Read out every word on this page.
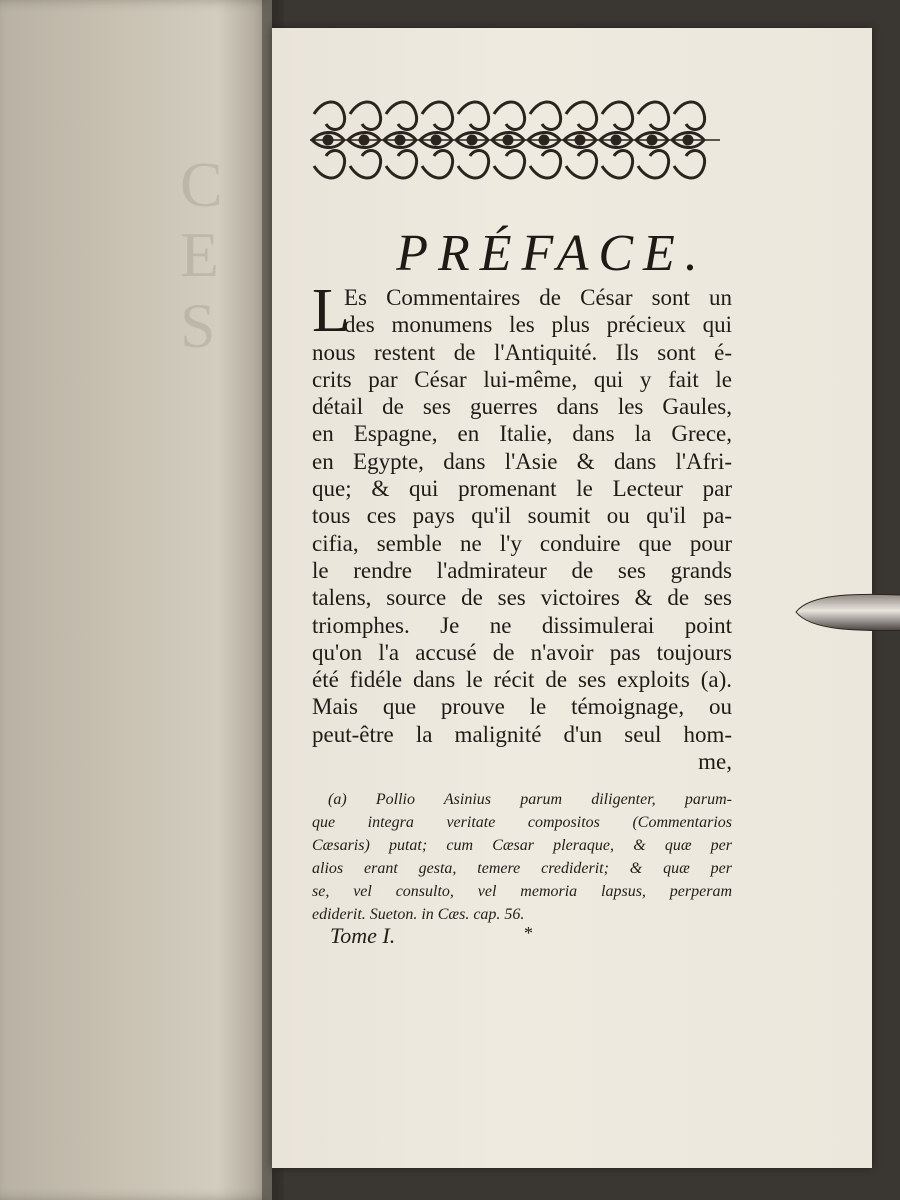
C
E
S
PRÉFACE.
L
Es Commentaires de César sont un
des monumens les plus précieux qui
nous restent de l'Antiquité. Ils sont é-
crits par César lui-même, qui y fait le
détail de ses guerres dans les Gaules,
en Espagne, en Italie, dans la Grece,
en Egypte, dans l'Asie & dans l'Afri-
que; & qui promenant le Lecteur par
tous ces pays qu'il soumit ou qu'il pa-
cifia, semble ne l'y conduire que pour
le rendre l'admirateur de ses grands
talens, source de ses victoires & de ses
triomphes. Je ne dissimulerai point
qu'on l'a accusé de n'avoir pas toujours
été fidéle dans le récit de ses exploits (a).
Mais que prouve le témoignage, ou
peut-être la malignité d'un seul hom-
me,
(a) Pollio Asinius parum diligenter, parum-
que integra veritate compositos (Commentarios
Cæsaris) putat; cum Cæsar pleraque, & quæ per
alios erant gesta, temere crediderit; & quæ per
se, vel consulto, vel memoria lapsus, perperam
ediderit. Sueton. in Cæs. cap. 56.
Tome I.	*
